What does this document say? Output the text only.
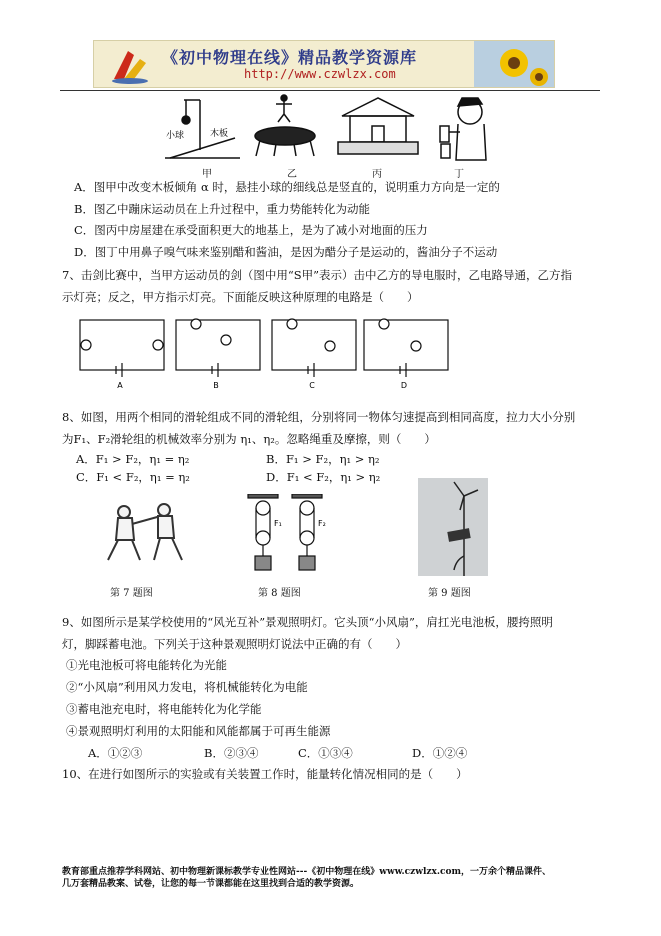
《初中物理在线》精品教学资源库
http://www.czwlzx.com
小球	木板
甲	乙	丙	丁
A．图甲中改变木板倾角 α 时，悬挂小球的细线总是竖直的，说明重力方向是一定的
B．图乙中蹦床运动员在上升过程中，重力势能转化为动能
C．图丙中房屋建在承受面积更大的地基上，是为了减小对地面的压力
D．图丁中用鼻子嗅气味来鉴别醋和酱油，是因为醋分子是运动的，酱油分子不运动
7、击剑比赛中，当甲方运动员的剑（图中用“S甲”表示）击中乙方的导电服时，乙电路导通，乙方指
示灯亮；反之，甲方指示灯亮。下面能反映这种原理的电路是（　　）
A	B	C	D
8、如图，用两个相同的滑轮组成不同的滑轮组，分别将同一物体匀速提高到相同高度，拉力大小分别
为F₁、F₂滑轮组的机械效率分别为 η₁、η₂。忽略绳重及摩擦，则（　　）
A．F₁ > F₂，η₁ = η₂	B．F₁ > F₂，η₁ > η₂
C．F₁ < F₂，η₁ = η₂	D．F₁ < F₂，η₁ > η₂
F₁	F₂
第 7 题图	第 8 题图	第 9 题图
9、如图所示是某学校使用的“风光互补”景观照明灯。它头顶“小风扇”，肩扛光电池板，腰挎照明
灯，脚踩蓄电池。下列关于这种景观照明灯说法中正确的有（　　）
①光电池板可将电能转化为光能
②“小风扇”利用风力发电，将机械能转化为电能
③蓄电池充电时，将电能转化为化学能
④景观照明灯利用的太阳能和风能都属于可再生能源
A．①②③	B．②③④	C．①③④	D．①②④
10、在进行如图所示的实验或有关装置工作时，能量转化情况相同的是（　　）
教育部重点推荐学科网站、初中物理新课标教学专业性网站---《初中物理在线》www.czwlzx.com，一万余个精品课件、
几万套精品教案、试卷，让您的每一节课都能在这里找到合适的教学资源。
